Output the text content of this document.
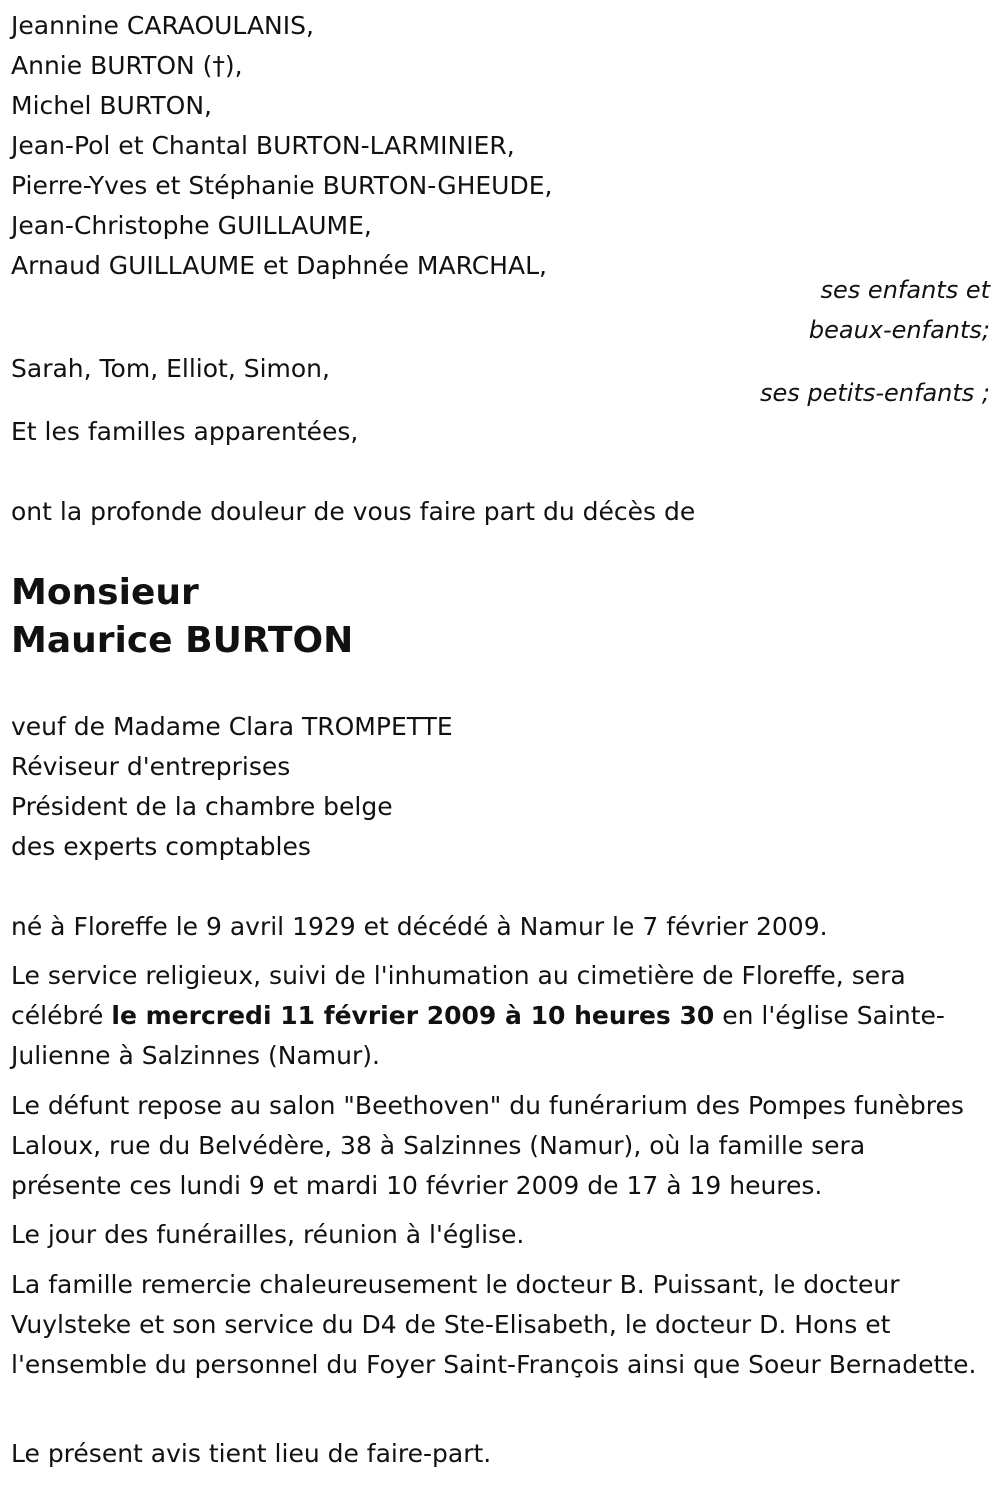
Jeannine CARAOULANIS,
Annie BURTON (†),
Michel BURTON,
Jean-Pol et Chantal BURTON-LARMINIER,
Pierre-Yves et Stéphanie BURTON-GHEUDE,
Jean-Christophe GUILLAUME,
Arnaud GUILLAUME et Daphnée MARCHAL,
ses enfants et
beaux-enfants;
Sarah, Tom, Elliot, Simon,
ses petits-enfants ;
Et les familles apparentées,
ont la profonde douleur de vous faire part du décès de
Monsieur
Maurice BURTON
veuf de Madame Clara TROMPETTE
Réviseur d'entreprises
Président de la chambre belge
des experts comptables
né à Floreffe le 9 avril 1929 et décédé à Namur le 7 février 2009.
Le service religieux, suivi de l'inhumation au cimetière de Floreffe, sera célébré le mercredi 11 février 2009 à 10 heures 30 en l'église Sainte-Julienne à Salzinnes (Namur).
Le défunt repose au salon "Beethoven" du funérarium des Pompes funèbres Laloux, rue du Belvédère, 38 à Salzinnes (Namur), où la famille sera présente ces lundi 9 et mardi 10 février 2009 de 17 à 19 heures.
Le jour des funérailles, réunion à l'église.
La famille remercie chaleureusement le docteur B. Puissant, le docteur Vuylsteke et son service du D4 de Ste-Elisabeth, le docteur D. Hons et l'ensemble du personnel du Foyer Saint-François ainsi que Soeur Bernadette.
Le présent avis tient lieu de faire-part.
